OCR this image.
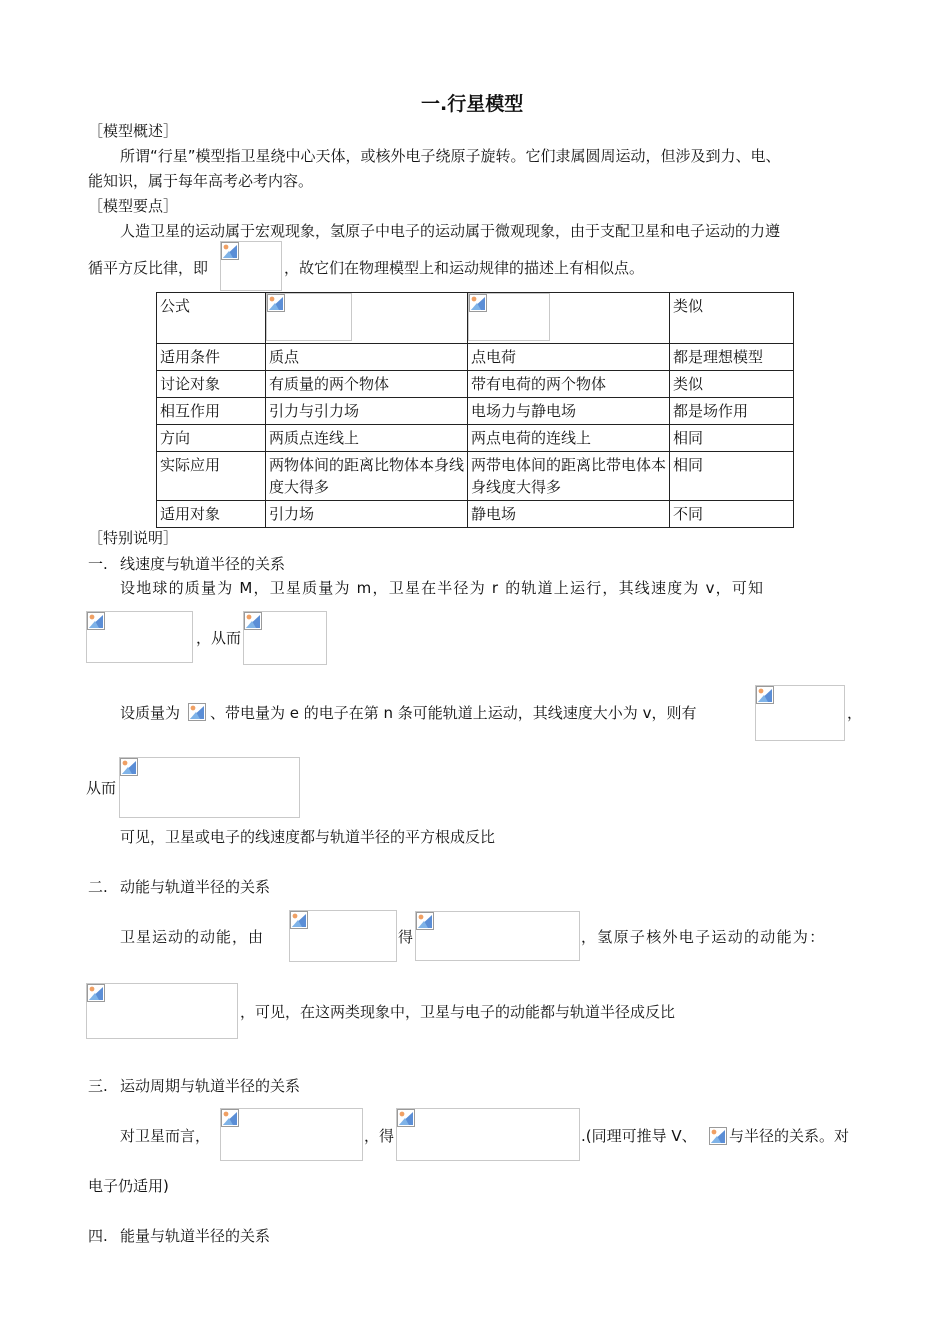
一.行星模型
［模型概述］
所谓“行星”模型指卫星绕中心天体，或核外电子绕原子旋转。它们隶属圆周运动，但涉及到力、电、
能知识，属于每年高考必考内容。
［模型要点］
人造卫星的运动属于宏观现象，氢原子中电子的运动属于微观现象，由于支配卫星和电子运动的力遵
循平方反比律，即	，故它们在物理模型上和运动规律的描述上有相似点。
公式			类似
适用条件	质点	点电荷	都是理想模型
讨论对象	有质量的两个物体	带有电荷的两个物体	类似
相互作用	引力与引力场	电场力与静电场	都是场作用
方向	两质点连线上	两点电荷的连线上	相同
实际应用	两物体间的距离比物体本身线度大得多	两带电体间的距离比带电体本身线度大得多	相同
适用对象	引力场	静电场	不同
［特别说明］
一. 线速度与轨道半径的关系
设地球的质量为 M，卫星质量为 m，卫星在半径为 r 的轨道上运行，其线速度为 v，可知
，从而
设质量为 、带电量为 e 的电子在第 n 条可能轨道上运动，其线速度大小为 v，则有	，
从而
可见，卫星或电子的线速度都与轨道半径的平方根成反比
二. 动能与轨道半径的关系
卫星运动的动能，由	得	，氢原子核外电子运动的动能为：
，可见，在这两类现象中，卫星与电子的动能都与轨道半径成反比
三. 运动周期与轨道半径的关系
对卫星而言，	，得	.(同理可推导 V、 与半径的关系。对
电子仍适用)
四. 能量与轨道半径的关系
